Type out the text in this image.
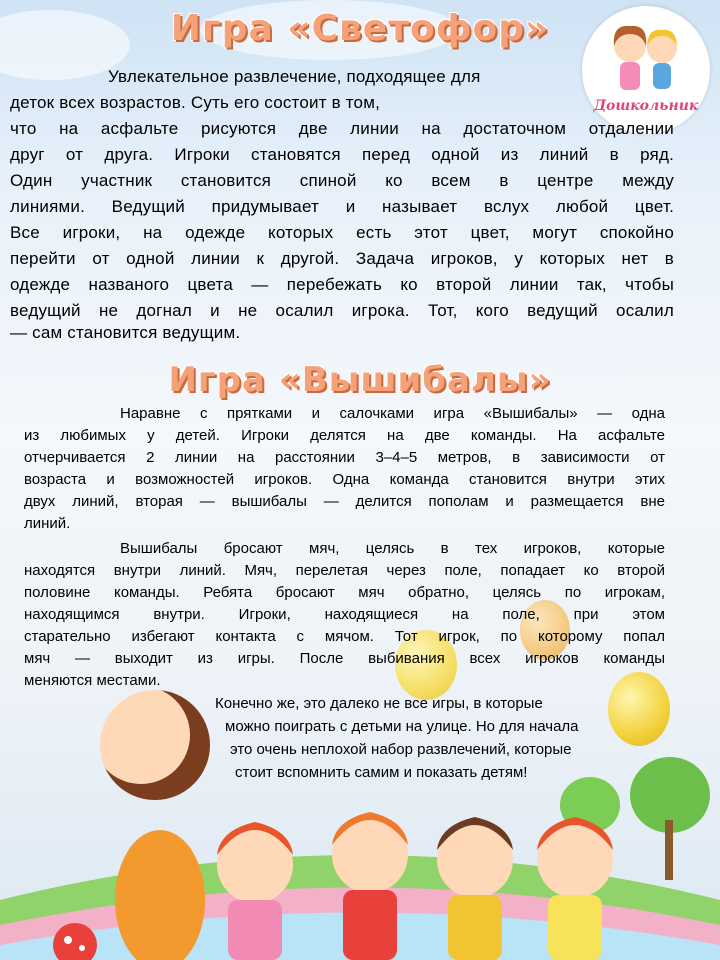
Дошкольник
Игра «Светофор»
Увлекательное развлечение, подходящее для
деток всех возрастов. Суть его состоит в том,
что на асфальте рисуются две линии на достаточном отдалении
друг от друга. Игроки становятся перед одной из линий в ряд.
Один участник становится спиной ко всем в центре между
линиями. Ведущий придумывает и называет вслух любой цвет.
Все игроки, на одежде которых есть этот цвет, могут спокойно
перейти от одной линии к другой. Задача игроков, у которых нет в
одежде названого цвета — перебежать ко второй линии так, чтобы
ведущий не догнал и не осалил игрока. Тот, кого ведущий осалил
— сам становится ведущим.
Игра «Вышибалы»
Наравне с прятками и салочками игра «Вышибалы» — одна
из любимых у детей. Игроки делятся на две команды. На асфальте
отчерчивается 2 линии на расстоянии 3–4–5 метров, в зависимости от
возраста и возможностей игроков. Одна команда становится внутри этих
двух линий, вторая — вышибалы — делится пополам и размещается вне
линий.
Вышибалы бросают мяч, целясь в тех игроков, которые
находятся внутри линий. Мяч, перелетая через поле, попадает ко второй
половине команды. Ребята бросают мяч обратно, целясь по игрокам,
находящимся внутри. Игроки, находящиеся на поле, при этом
старательно избегают контакта с мячом. Тот игрок, по которому попал
мяч — выходит из игры. После выбивания всех игроков команды
меняются местами.
Конечно же, это далеко не все игры, в которые
можно поиграть с детьми на улице. Но для начала
это очень неплохой набор развлечений, которые
стоит вспомнить самим и показать детям!
